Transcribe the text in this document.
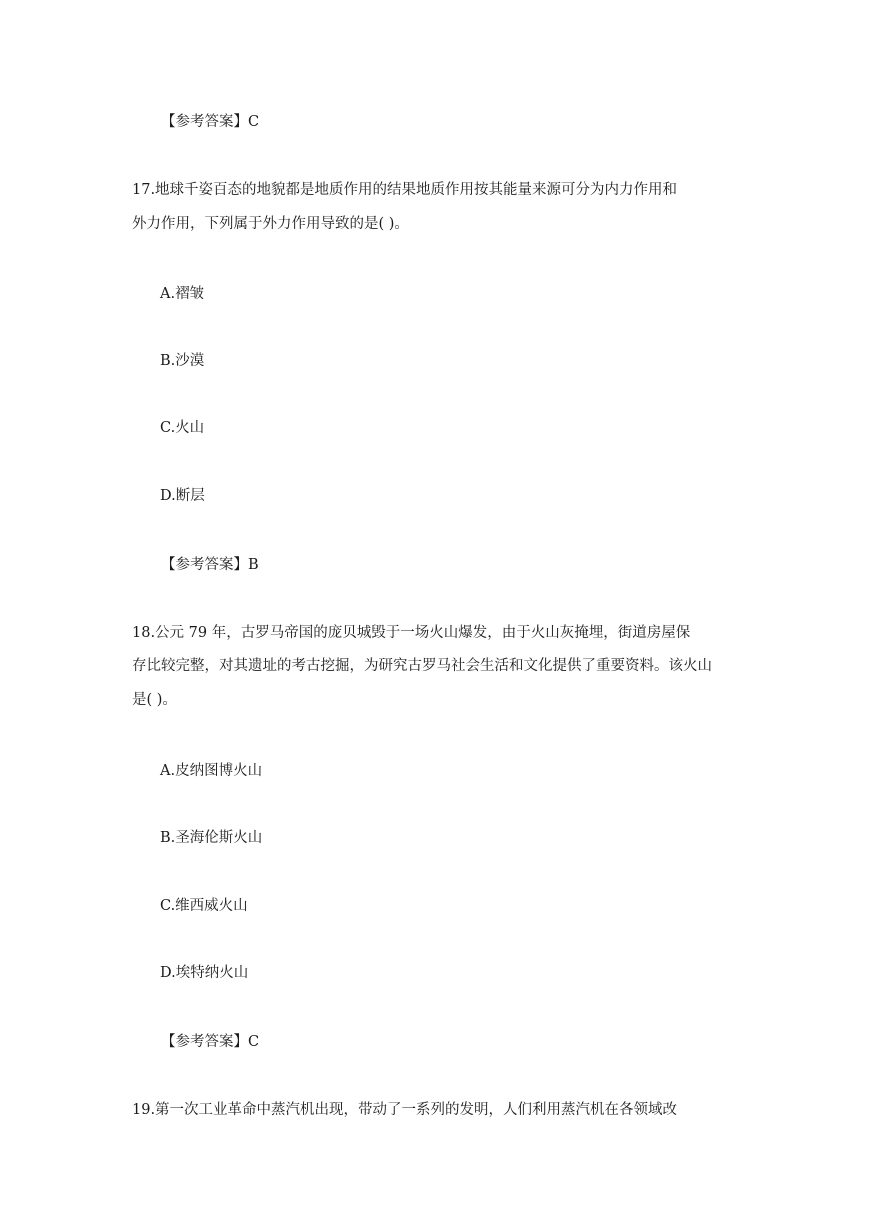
【参考答案】C
17.地球千姿百态的地貌都是地质作用的结果地质作用按其能量来源可分为内力作用和
外力作用，下列属于外力作用导致的是( )。
A.褶皱
B.沙漠
C.火山
D.断层
【参考答案】B
18.公元 79 年，古罗马帝国的庞贝城毁于一场火山爆发，由于火山灰掩埋，街道房屋保
存比较完整，对其遗址的考古挖掘，为研究古罗马社会生活和文化提供了重要资料。该火山
是( )。
A.皮纳图博火山
B.圣海伦斯火山
C.维西威火山
D.埃特纳火山
【参考答案】C
19.第一次工业革命中蒸汽机出现，带动了一系列的发明，人们利用蒸汽机在各领域改
